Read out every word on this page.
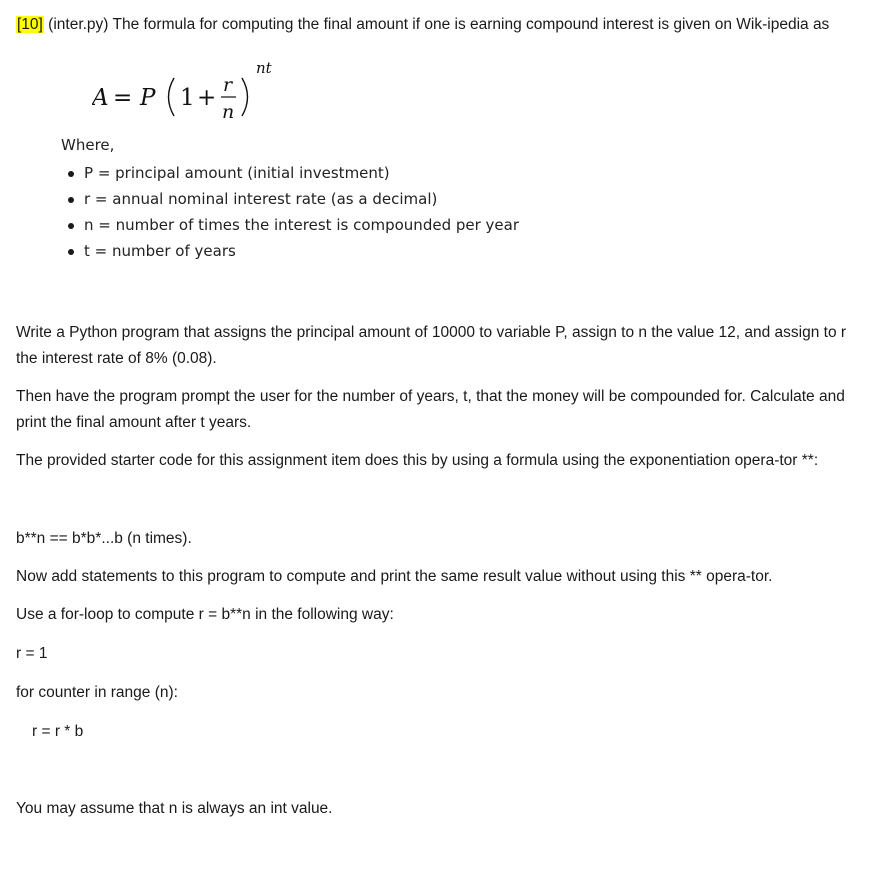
[10] (inter.py) The formula for computing the final amount if one is earning compound interest is given on Wik-ipedia as

A = P 1 + r
n
nt

Where,

P = principal amount (initial investment)
r = annual nominal interest rate (as a decimal)
n = number of times the interest is compounded per year
t = number of years

Write a Python program that assigns the principal amount of 10000 to variable P, assign to n the value 12, and assign to r the interest rate of 8% (0.08).

Then have the program prompt the user for the number of years, t, that the money will be compounded for. Calculate and print the final amount after t years.

The provided starter code for this assignment item does this by using a formula using the exponentiation opera-tor **:

b**n == b*b*...b (n times).

Now add statements to this program to compute and print the same result value without using this ** opera-tor.

Use a for-loop to compute r = b**n in the following way:

r = 1

for counter in range (n):

r = r * b

You may assume that n is always an int value.
